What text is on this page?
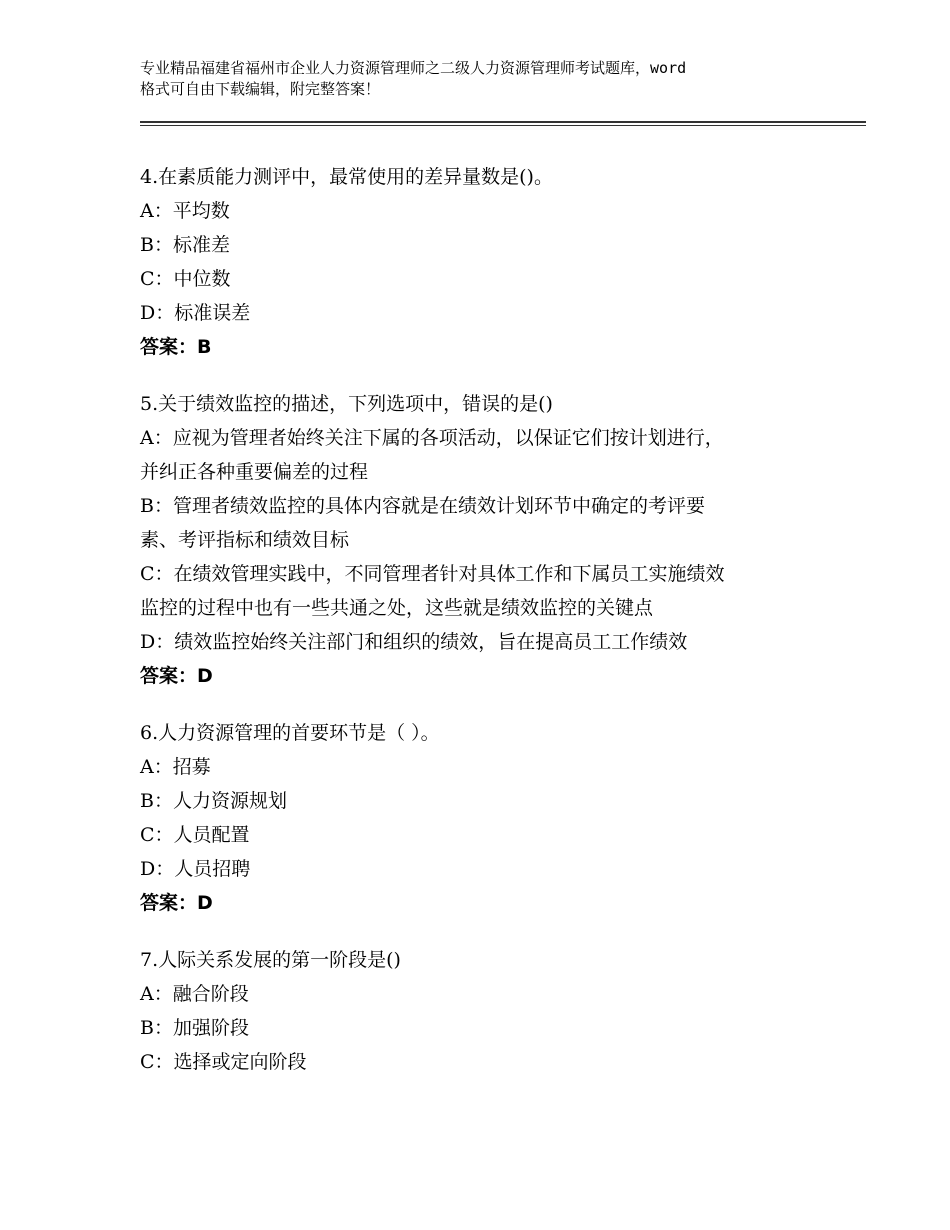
专业精品福建省福州市企业人力资源管理师之二级人力资源管理师考试题库，word
格式可自由下载编辑，附完整答案！
4.在素质能力测评中，最常使用的差异量数是()。
A：平均数
B：标准差
C：中位数
D：标准误差
答案：B
5.关于绩效监控的描述，下列选项中，错误的是()
A：应视为管理者始终关注下属的各项活动，以保证它们按计划进行，
并纠正各种重要偏差的过程
B：管理者绩效监控的具体内容就是在绩效计划环节中确定的考评要
素、考评指标和绩效目标
C：在绩效管理实践中，不同管理者针对具体工作和下属员工实施绩效
监控的过程中也有一些共通之处，这些就是绩效监控的关键点
D：绩效监控始终关注部门和组织的绩效，旨在提高员工工作绩效
答案：D
6.人力资源管理的首要环节是（ ）。
A：招募
B：人力资源规划
C：人员配置
D：人员招聘
答案：D
7.人际关系发展的第一阶段是()
A：融合阶段
B：加强阶段
C：选择或定向阶段
